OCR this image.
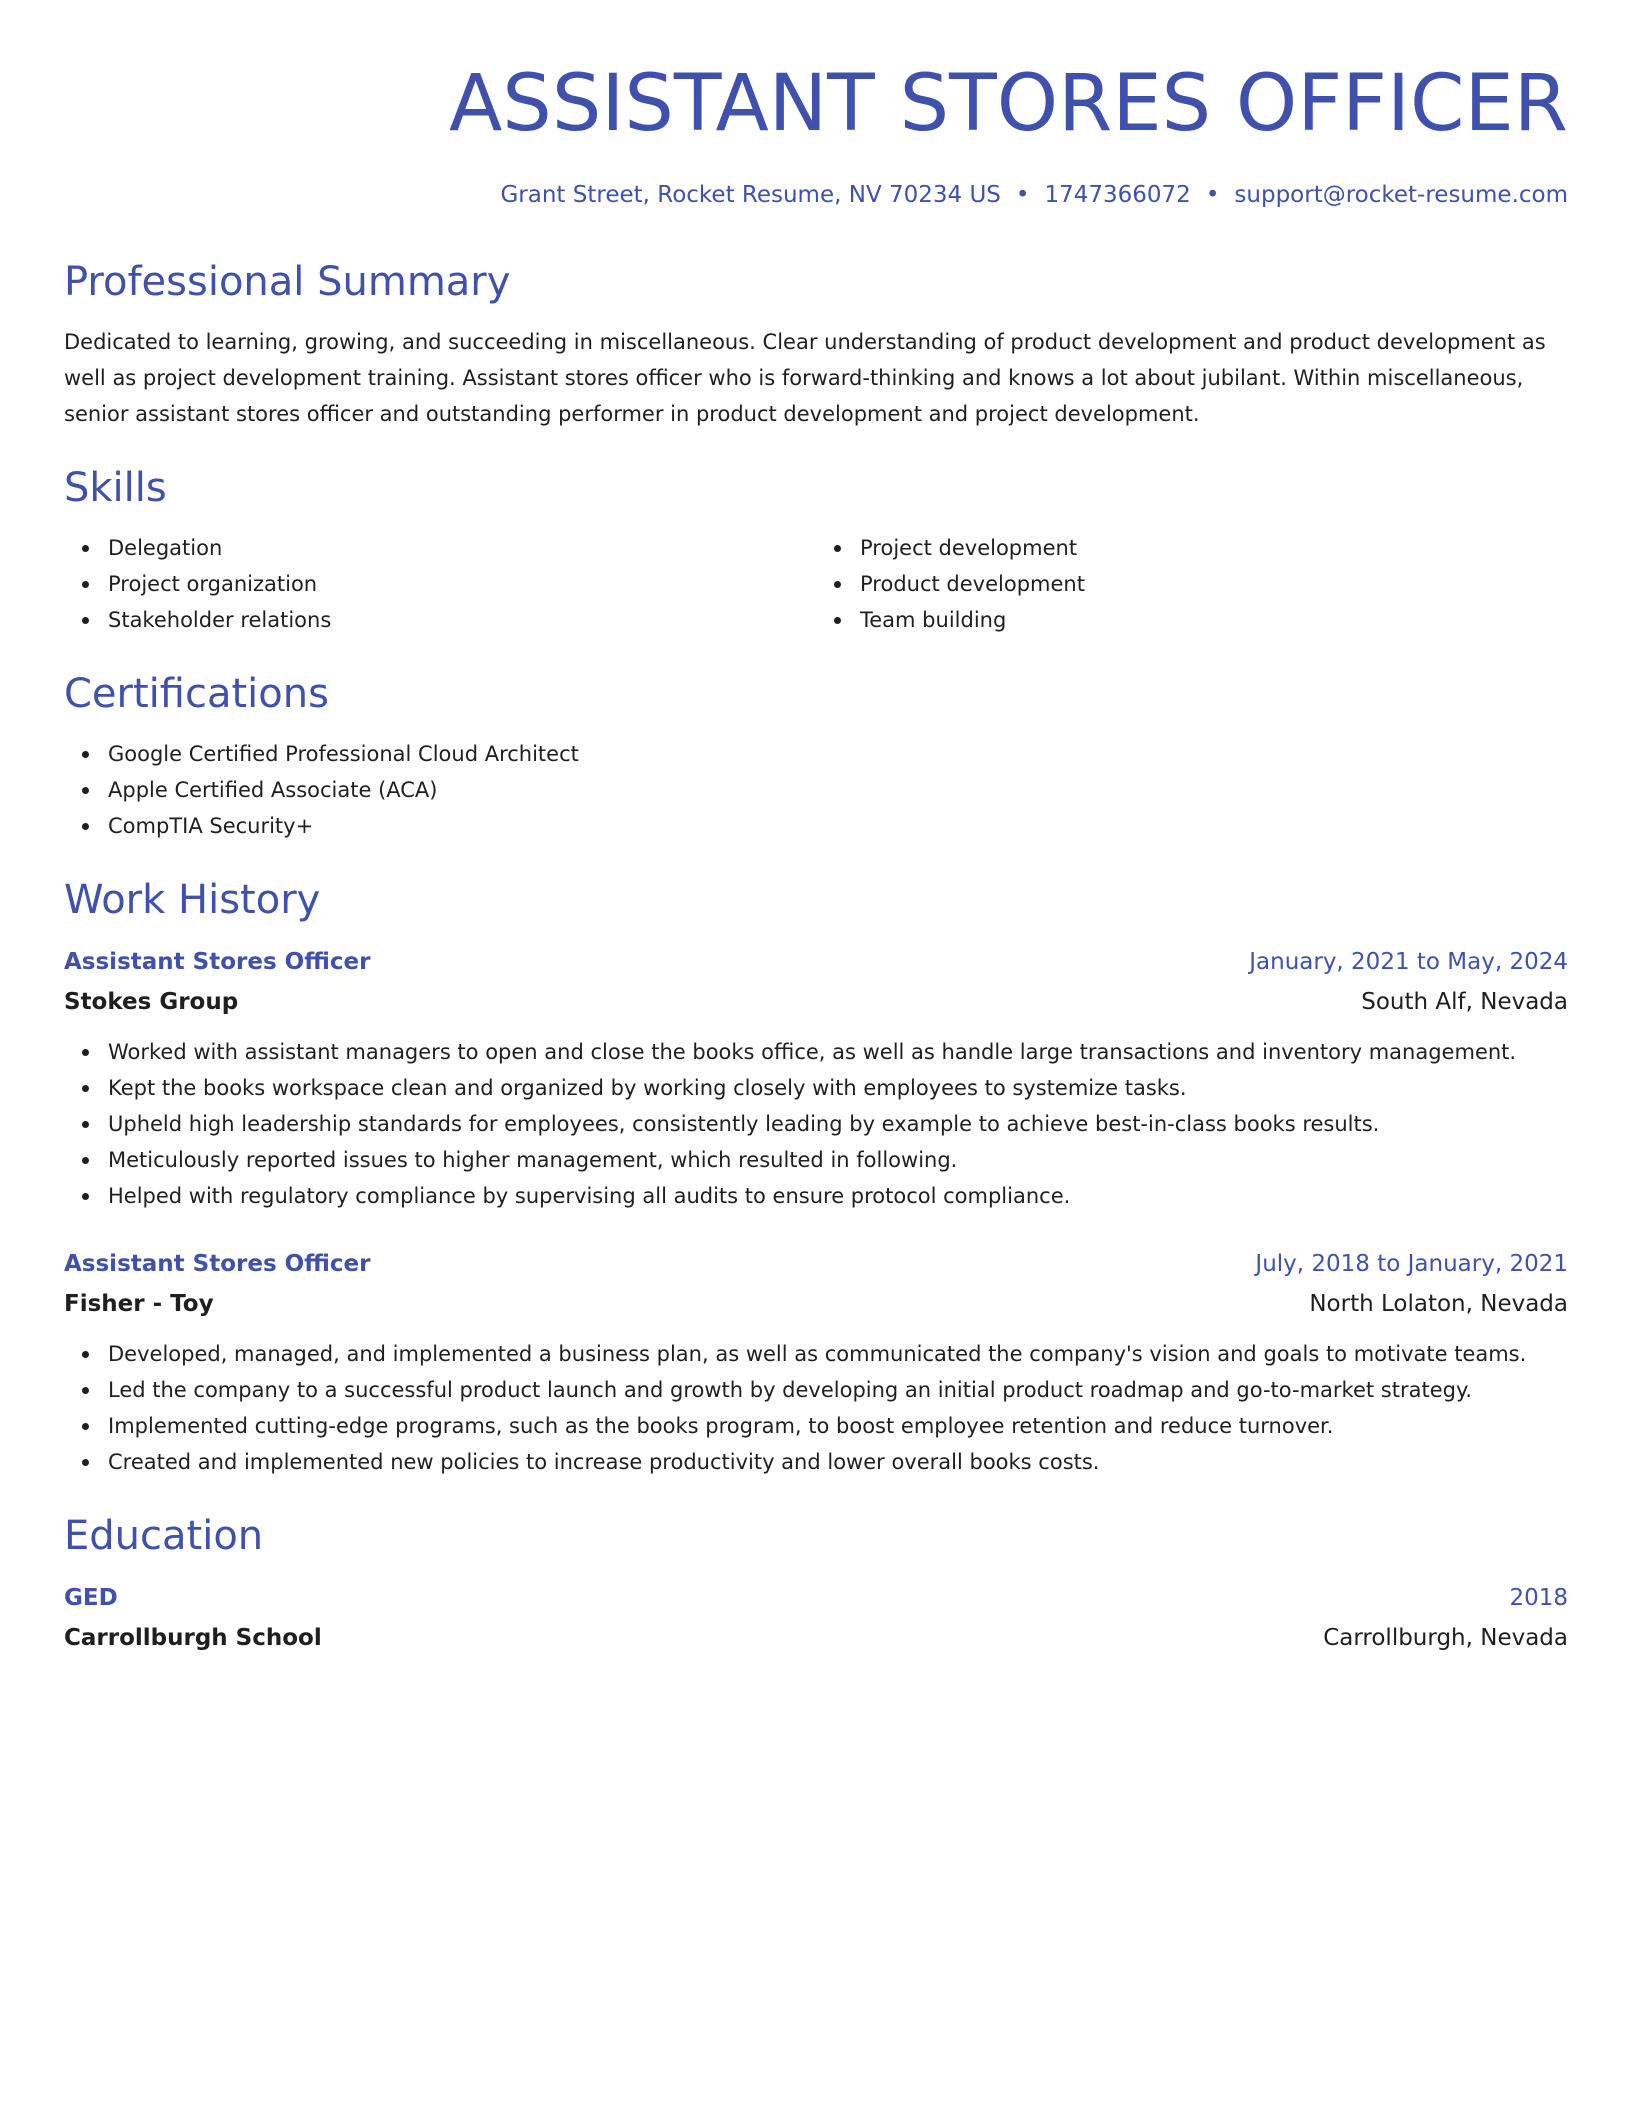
ASSISTANT STORES OFFICER
Grant Street, Rocket Resume, NV 70234 US • 1747366072 • support@rocket-resume.com
Professional Summary

Dedicated to learning, growing, and succeeding in miscellaneous. Clear understanding of product development and product development as well as project development training. Assistant stores officer who is forward-thinking and knows a lot about jubilant. Within miscellaneous, senior assistant stores officer and outstanding performer in product development and project development.

Skills
Delegation
Project organization
Stakeholder relations
Project development
Product development
Team building
Certifications
Google Certified Professional Cloud Architect
Apple Certified Associate (ACA)
CompTIA Security+
Work History
Assistant Stores Officer	January, 2021 to May, 2024
Stokes Group	South Alf, Nevada
Worked with assistant managers to open and close the books office, as well as handle large transactions and inventory management.
Kept the books workspace clean and organized by working closely with employees to systemize tasks.
Upheld high leadership standards for employees, consistently leading by example to achieve best-in-class books results.
Meticulously reported issues to higher management, which resulted in following.
Helped with regulatory compliance by supervising all audits to ensure protocol compliance.
Assistant Stores Officer	July, 2018 to January, 2021
Fisher - Toy	North Lolaton, Nevada
Developed, managed, and implemented a business plan, as well as communicated the company's vision and goals to motivate teams.
Led the company to a successful product launch and growth by developing an initial product roadmap and go-to-market strategy.
Implemented cutting-edge programs, such as the books program, to boost employee retention and reduce turnover.
Created and implemented new policies to increase productivity and lower overall books costs.
Education
GED	2018
Carrollburgh School	Carrollburgh, Nevada
